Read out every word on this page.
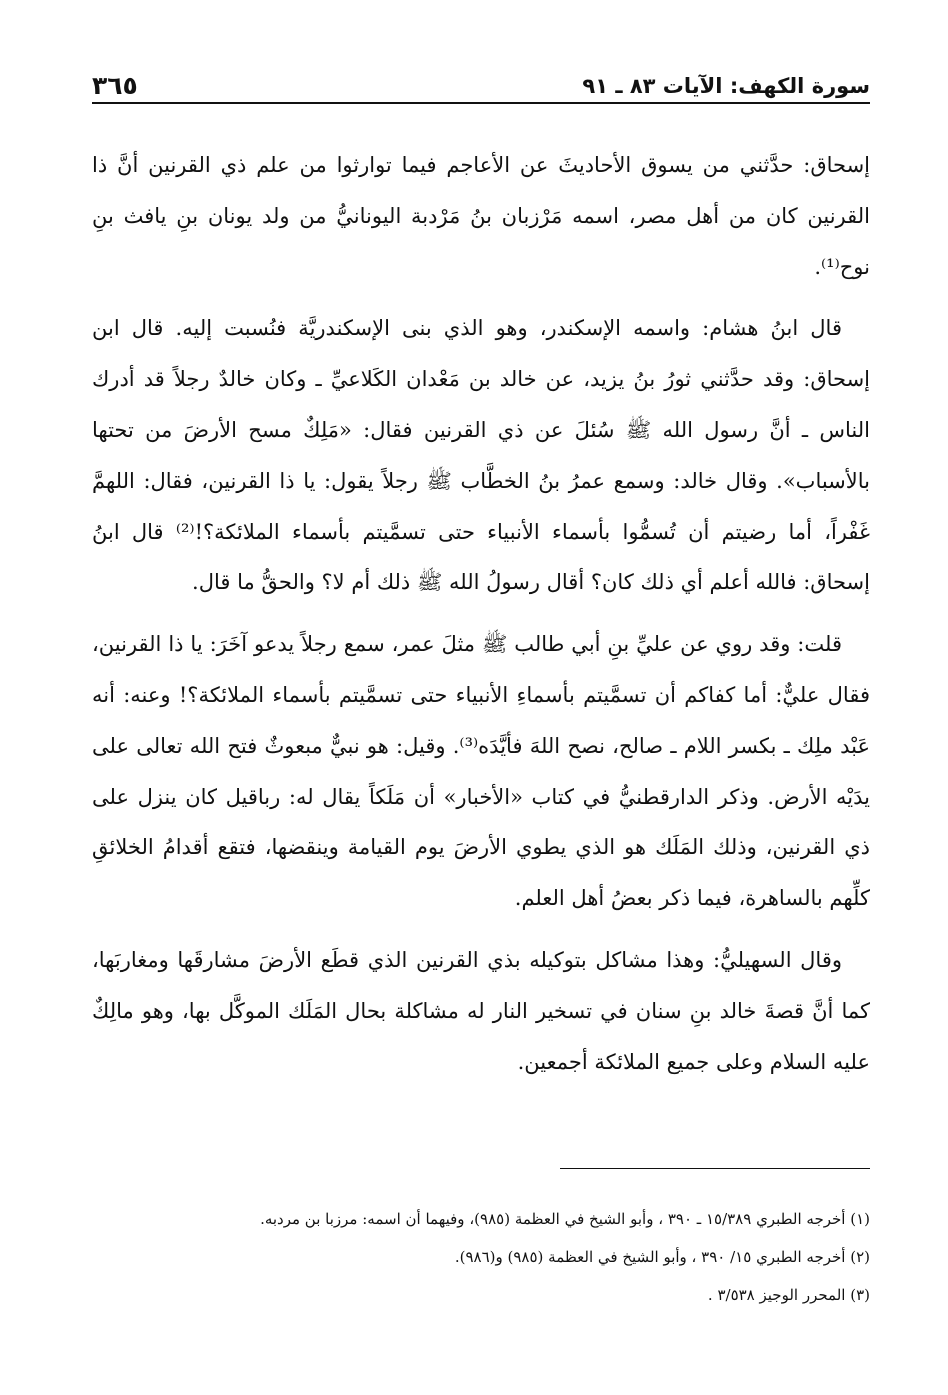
سورة الكهف: الآيات ٨٣ ـ ٩١
٣٦٥

إسحاق: حدَّثني من يسوق الأحاديثَ عن الأعاجم فيما توارثوا من علم ذي القرنين أنَّ ذا القرنين كان من أهل مصر، اسمه مَرْزبان بنُ مَرْدبة اليونانيُّ من ولد يونان بنِ يافث بنِ نوح⁽¹⁾.

قال ابنُ هشام: واسمه الإسكندر، وهو الذي بنى الإسكندريَّة فنُسبت إليه. قال ابن إسحاق: وقد حدَّثني ثورُ بنُ يزيد، عن خالد بن مَعْدان الكَلاعيِّ ـ وكان خالدٌ رجلاً قد أدرك الناس ـ أنَّ رسول الله ﷺ سُئلَ عن ذي القرنين فقال: «مَلِكٌ مسح الأرضَ من تحتها بالأسباب». وقال خالد: وسمع عمرُ بنُ الخطَّاب ﷺ رجلاً يقول: يا ذا القرنين، فقال: اللهمَّ غَفْراً، أما رضيتم أن تُسمُّوا بأسماء الأنبياء حتى تسمَّيتم بأسماء الملائكة؟!⁽²⁾ قال ابنُ إسحاق: فالله أعلم أي ذلك كان؟ أقال رسولُ الله ﷺ ذلك أم لا؟ والحقُّ ما قال.

قلت: وقد روي عن عليِّ بنِ أبي طالب ﷺ مثلَ عمر، سمع رجلاً يدعو آخَرَ: يا ذا القرنين، فقال عليٌّ: أما كفاكم أن تسمَّيتم بأسماءِ الأنبياء حتى تسمَّيتم بأسماء الملائكة؟! وعنه: أنه عَبْد ملِك ـ بكسر اللام ـ صالح، نصح اللهَ فأيَّدَه⁽³⁾. وقيل: هو نبيٌّ مبعوثٌ فتح الله تعالى على يدَيْه الأرض. وذكر الدارقطنيُّ في كتاب «الأخبار» أن مَلَكاً يقال له: رباقيل كان ينزل على ذي القرنين، وذلك المَلَك هو الذي يطوي الأرضَ يوم القيامة وينقضها، فتقع أقدامُ الخلائقِ كلِّهم بالساهرة، فيما ذكر بعضُ أهل العلم.

وقال السهيليُّ: وهذا مشاكل بتوكيله بذي القرنين الذي قطَع الأرضَ مشارقَها ومغاربَها، كما أنَّ قصةَ خالد بنِ سنان في تسخير النار له مشاكلة بحال المَلَك الموكَّل بها، وهو مالِكٌ عليه السلام وعلى جميع الملائكة أجمعين.

(١) أخرجه الطبري ١٥/٣٨٩ ـ ٣٩٠ ، وأبو الشيخ في العظمة (٩٨٥)، وفيهما أن اسمه: مرزبا بن مردبه.
(٢) أخرجه الطبري ١٥/ ٣٩٠ ، وأبو الشيخ في العظمة (٩٨٥) و(٩٨٦).
(٣) المحرر الوجيز ٣/٥٣٨ .
